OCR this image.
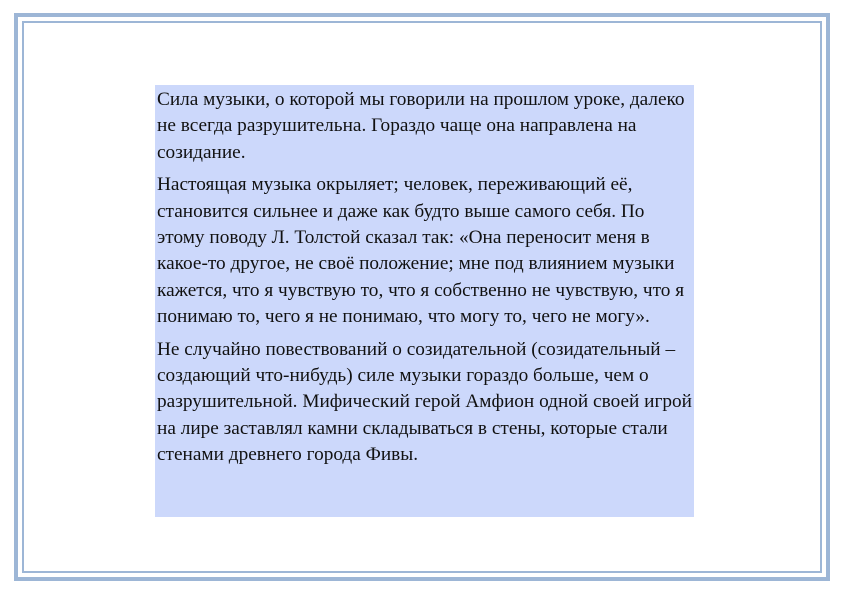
Сила музыки, о которой мы говорили на прошлом уроке, далеко не всегда разрушительна. Гораздо чаще она направлена на созидание.

Настоящая музыка окрыляет; человек, переживающий её, становится сильнее и даже как будто выше самого себя. По этому поводу Л. Толстой сказал так: «Она переносит меня в какое-то другое, не своё положение; мне под влиянием музыки кажется, что я чувствую то, что я собственно не чувствую, что я понимаю то, чего я не понимаю, что могу то, чего не могу».

Не случайно повествований о созидательной (созидательный – создающий что-нибудь) силе музыки гораздо больше, чем о разрушительной. Мифический герой Амфион одной своей игрой на лире заставлял камни складываться в стены, которые стали стенами древнего города Фивы.
